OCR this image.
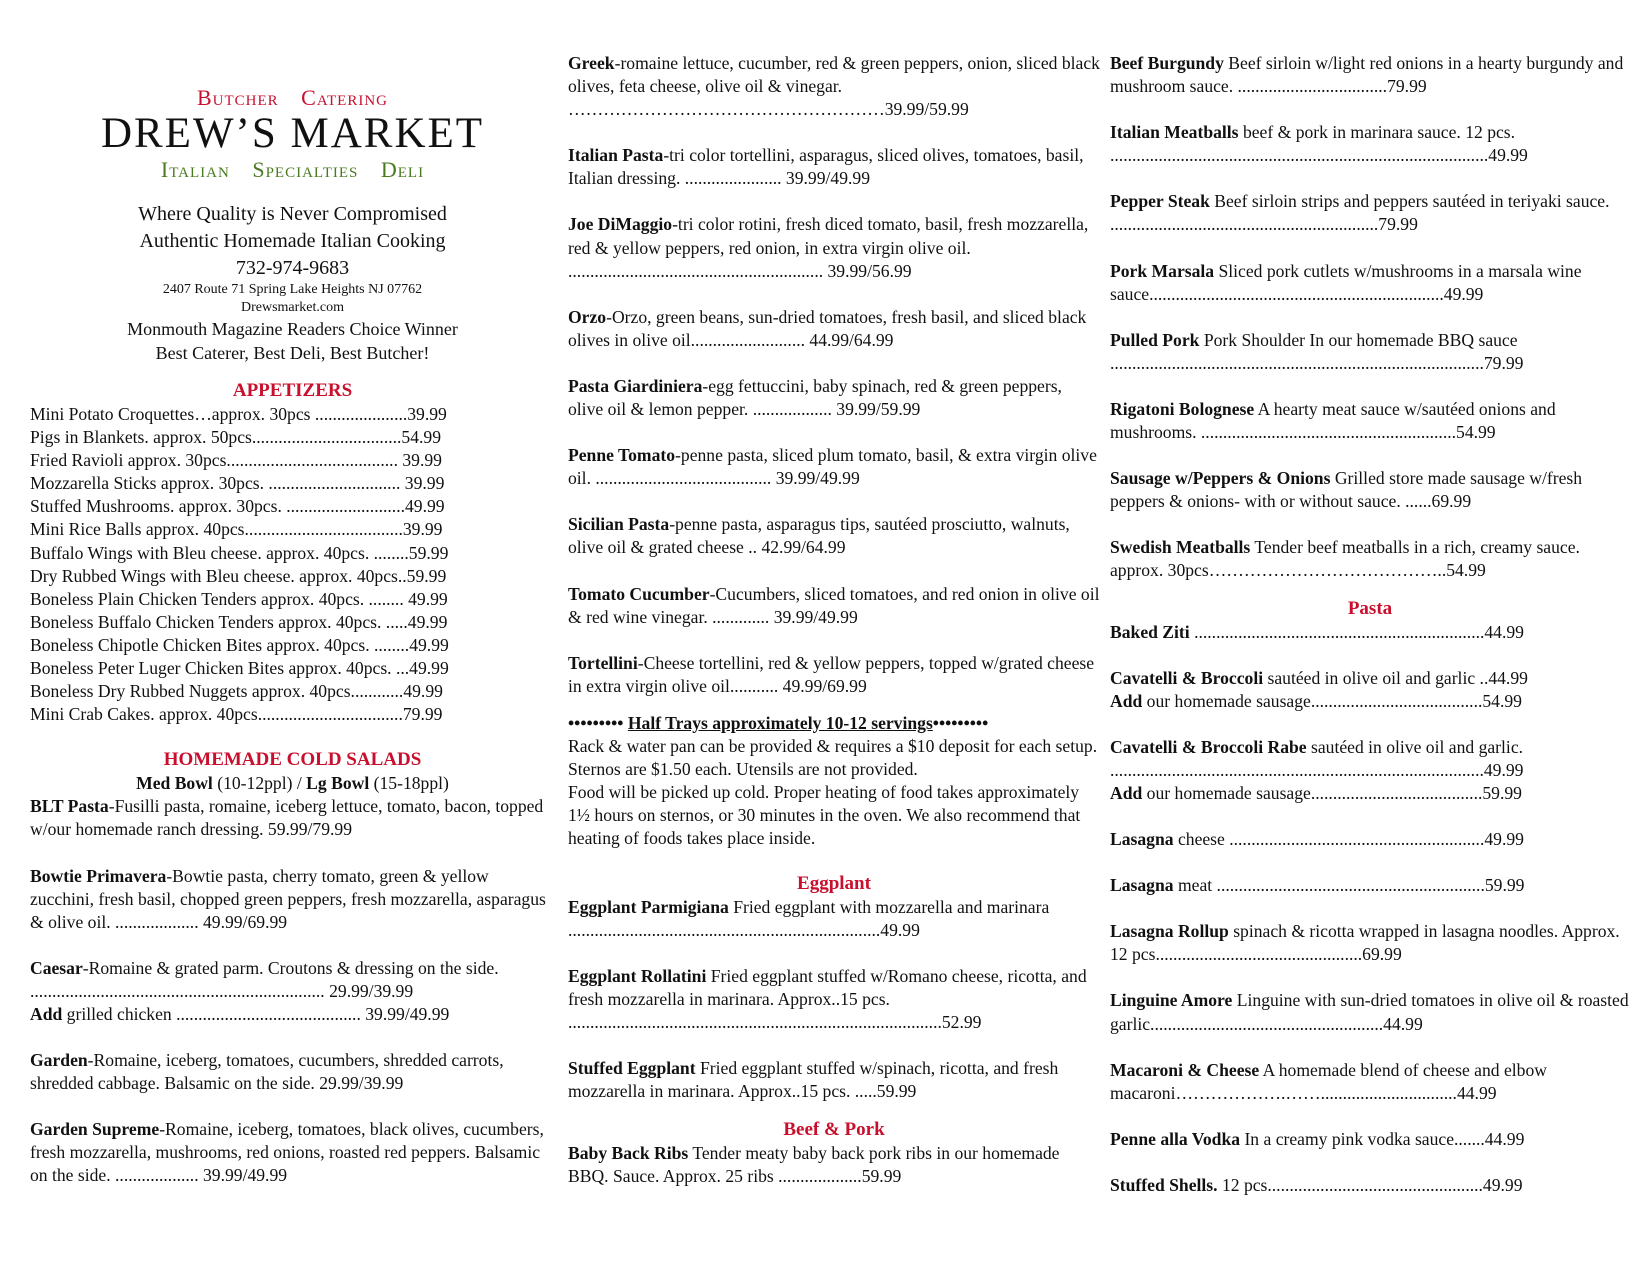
Butcher Catering
DREW’S MARKET
Italian Specialties Deli
Where Quality is Never Compromised
Authentic Homemade Italian Cooking
732-974-9683
2407 Route 71 Spring Lake Heights NJ 07762
Drewsmarket.com
Monmouth Magazine Readers Choice Winner
Best Caterer, Best Deli, Best Butcher!
APPETIZERS
Mini Potato Croquettes…approx. 30pcs .....................39.99
Pigs in Blankets. approx. 50pcs..................................54.99
Fried Ravioli approx. 30pcs....................................... 39.99
Mozzarella Sticks approx. 30pcs. .............................. 39.99
Stuffed Mushrooms. approx. 30pcs. ...........................49.99
Mini Rice Balls approx. 40pcs....................................39.99
Buffalo Wings with Bleu cheese. approx. 40pcs. ........59.99
Dry Rubbed Wings with Bleu cheese. approx. 40pcs..59.99
Boneless Plain Chicken Tenders approx. 40pcs. ........ 49.99
Boneless Buffalo Chicken Tenders approx. 40pcs. .....49.99
Boneless Chipotle Chicken Bites approx. 40pcs. ........49.99
Boneless Peter Luger Chicken Bites approx. 40pcs. ...49.99
Boneless Dry Rubbed Nuggets approx. 40pcs............49.99
Mini Crab Cakes. approx. 40pcs.................................79.99
HOMEMADE COLD SALADS
Med Bowl (10-12ppl) / Lg Bowl (15-18ppl)
BLT Pasta-Fusilli pasta, romaine, iceberg lettuce, tomato, bacon, topped w/our homemade ranch dressing. 59.99/79.99
Bowtie Primavera-Bowtie pasta, cherry tomato, green & yellow zucchini, fresh basil, chopped green peppers, fresh mozzarella, asparagus & olive oil. ................... 49.99/69.99
Caesar-Romaine & grated parm. Croutons & dressing on the side. ................................................................... 29.99/39.99
Add grilled chicken .......................................... 39.99/49.99
Garden-Romaine, iceberg, tomatoes, cucumbers, shredded carrots, shredded cabbage. Balsamic on the side. 29.99/39.99
Garden Supreme-Romaine, iceberg, tomatoes, black olives, cucumbers, fresh mozzarella, mushrooms, red onions, roasted red peppers. Balsamic on the side. ................... 39.99/49.99
Greek-romaine lettuce, cucumber, red & green peppers, onion, sliced black olives, feta cheese, olive oil & vinegar. ………………………………………………39.99/59.99
Italian Pasta-tri color tortellini, asparagus, sliced olives, tomatoes, basil, Italian dressing. ...................... 39.99/49.99
Joe DiMaggio-tri color rotini, fresh diced tomato, basil, fresh mozzarella, red & yellow peppers, red onion, in extra virgin olive oil. .......................................................... 39.99/56.99
Orzo-Orzo, green beans, sun-dried tomatoes, fresh basil, and sliced black olives in olive oil.......................... 44.99/64.99
Pasta Giardiniera-egg fettuccini, baby spinach, red & green peppers, olive oil & lemon pepper. .................. 39.99/59.99
Penne Tomato-penne pasta, sliced plum tomato, basil, & extra virgin olive oil. ........................................ 39.99/49.99
Sicilian Pasta-penne pasta, asparagus tips, sautéed prosciutto, walnuts, olive oil & grated cheese .. 42.99/64.99
Tomato Cucumber-Cucumbers, sliced tomatoes, and red onion in olive oil & red wine vinegar. ............. 39.99/49.99
Tortellini-Cheese tortellini, red & yellow peppers, topped w/grated cheese in extra virgin olive oil........... 49.99/69.99
••••••••• Half Trays approximately 10-12 servings•••••••••
Rack & water pan can be provided & requires a $10 deposit for each setup. Sternos are $1.50 each. Utensils are not provided.
Food will be picked up cold. Proper heating of food takes approximately 1½ hours on sternos, or 30 minutes in the oven. We also recommend that heating of foods takes place inside.
Eggplant
Eggplant Parmigiana Fried eggplant with mozzarella and marinara .......................................................................49.99
Eggplant Rollatini Fried eggplant stuffed w/Romano cheese, ricotta, and fresh mozzarella in marinara. Approx..15 pcs. .....................................................................................52.99
Stuffed Eggplant Fried eggplant stuffed w/spinach, ricotta, and fresh mozzarella in marinara. Approx..15 pcs. .....59.99
Beef & Pork
Baby Back Ribs Tender meaty baby back pork ribs in our homemade BBQ. Sauce. Approx. 25 ribs ...................59.99
Beef Burgundy Beef sirloin w/light red onions in a hearty burgundy and mushroom sauce. ..................................79.99
Italian Meatballs beef & pork in marinara sauce. 12 pcs. ......................................................................................49.99
Pepper Steak Beef sirloin strips and peppers sautéed in teriyaki sauce. .............................................................79.99
Pork Marsala Sliced pork cutlets w/mushrooms in a marsala wine sauce...................................................................49.99
Pulled Pork Pork Shoulder In our homemade BBQ sauce .....................................................................................79.99
Rigatoni Bolognese A hearty meat sauce w/sautéed onions and mushrooms. ..........................................................54.99
Sausage w/Peppers & Onions Grilled store made sausage w/fresh peppers & onions- with or without sauce. ......69.99
Swedish Meatballs Tender beef meatballs in a rich, creamy sauce. approx. 30pcs…………………………………..54.99
Pasta
Baked Ziti ..................................................................44.99
Cavatelli & Broccoli sautéed in olive oil and garlic ..44.99
Add our homemade sausage.......................................54.99
Cavatelli & Broccoli Rabe sautéed in olive oil and garlic. .....................................................................................49.99
Add our homemade sausage.......................................59.99
Lasagna cheese ..........................................................49.99
Lasagna meat .............................................................59.99
Lasagna Rollup spinach & ricotta wrapped in lasagna noodles. Approx. 12 pcs...............................................69.99
Linguine Amore Linguine with sun-dried tomatoes in olive oil & roasted garlic.....................................................44.99
Macaroni & Cheese A homemade blend of cheese and elbow macaroni……………….……...............................44.99
Penne alla Vodka In a creamy pink vodka sauce.......44.99
Stuffed Shells. 12 pcs.................................................49.99
